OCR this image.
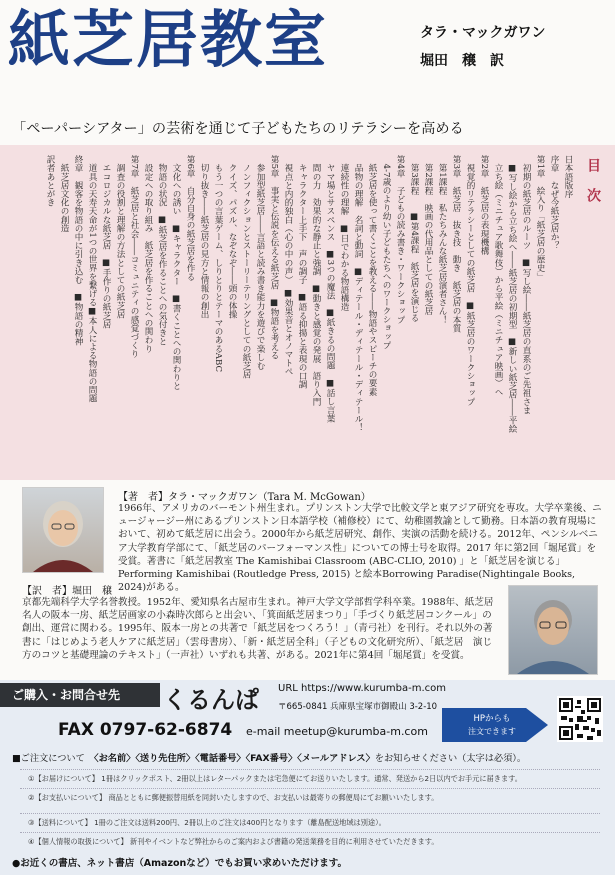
紙芝居教室	タラ・マックガワン
堀田　穣　訳
「ペーパーシアター」の芸術を通じて子どもたちのリテラシーを高める
目次
日本語版序
序章　なぜ今紙芝居か？
第1章　絵入り「紙芝居の歴史」
　初期の紙芝居のルーツ　■写し絵――紙芝居の直系のご先祖さま
　■写し絵から立ち絵へ――紙芝居の初期型　■新しい紙芝居――平絵
　立ち絵（ミニチュア歌舞伎）から平絵（ミニチュア映画）へ
第2章　紙芝居の表現機構
　視覚的リテラシーとしての紙芝居　■紙芝居のワークショップ
第3章　紙芝居　抜き技　動き　紙芝居の本質
　第1課程　私たちみんな紙芝居演者さん！
　第2課程　映画の代用品としての紙芝居
　第3課程　　■第4課程　紙芝居を演じる
第4章　子どもの読み書き・ワークショップ
　4-7歳のより幼い子どもたちへのワークショップ
　紙芝居を使って書くことを教える――物語やスピーチの要素
　品物の理解　名詞と動詞　■ディテール・ディテール・ディテール！
　連続性の理解　■日でわかる物語構造
　ヤマ場とサスペンス　■3つの魔法　■紙きるの問題　■話し言葉
　間の力　効果的な静止と強調　■動きと感覚の発展　語り入門
　キャラクター上手下　声の調子　■語る抑揚と表現の口調
　視点と内的独白（心の中の声）　■効果音とオノマトペ
第5章　事実と伝説を伝える紙芝居　■物語を考える
　参加型紙芝居――言語と読み書き能力を遊びで楽しむ
　ノンフィクションとストーリーテリングとしての紙芝居
　クイズ、パズル、なぞなぞ――頭の体操
　もう一つの言葉ゲーム、しりとりとテーマのあるABC
　切り抜き――紙芝居の見方と情報の創出
第6章　自分自身の紙芝居を作る
　文化への誘い　■キャラクター　■書くことへの関わりと
　物語の状況　■紙芝居を作ることへの気付きと
　設定への取り組み　紙芝居を作ることへの関わり
第7章　紙芝居と社会――コミュニティの感覚づくり
　調査の役割と理解の方法としての紙芝居
　エコロジカルな紙芝居　■手作りの紙芝居
　道具の天寿天命が1つの世界を繋げる■本人による物語の問題
終章　観客を物語の中に引き込む　■物語の精神
　紙芝居文化の創造
訳者あとがき
【著　者】タラ・マックガワン（Tara M. McGowan）
1966年、アメリカのバーモント州生まれ。プリンストン大学で比較文学と東アジア研究を専攻。大学卒業後、ニュージャージー州にあるプリンストン日本語学校（補修校）にて、幼稚園教諭として勤務。日本語の教育現場において、初めて紙芝居に出会う。2000年から紙芝居研究、創作、実演の活動を続ける。2012年、ペンシルベニア大学教育学部にて、「紙芝居のパーフォーマンス性」についての博士号を取得。2017 年に第2回「堀尾賞」を受賞。著書に「紙芝居教室 The Kamishibai Classroom (ABC-CLIO, 2010) 」と「紙芝居を演じる」Performing Kamishibai (Routledge Press, 2015) と絵本Borrowing Paradise(Nightingale Books, 2024)がある。
【訳　者】堀田　穣
京都先端科学大学名誉教授。1952年、愛知県名古屋市生まれ。神戸大学文学部哲学科卒業。1988年、紙芝居名人の阪本一房、紙芝居画家の小森時次郎らと出会い、「箕面紙芝居まつり」「手づくり紙芝居コンクール」の創出、運営に関わる。1995年、阪本一房との共著で「紙芝居をつくろう！」（青弓社）を刊行。それ以外の著書に「はじめよう老人ケアに紙芝居」（雲母書房）、「新・紙芝居全科」（子どもの文化研究所）、「紙芝居　演じ方のコツと基礎理論のテキスト」（一声社）いずれも共著、がある。2021年に第4回「堀尾賞」を受賞。
ご購入・お問合せ先	くるんぱ URL https://www.kurumba-m.com
〒665-0841 兵庫県宝塚市御殿山 3-2-10
FAX 0797-62-6874 e-mail meetup@kurumba-m.com
HPからも
注文できます
■ご注文について　〈お名前〉〈送り先住所〉〈電話番号〉〈FAX番号〉〈メールアドレス〉をお知らせください（太字は必須）。
①【お届けについて】 1冊はクリックポスト、2冊以上はレターパックまたは宅急便にてお送りいたします。通常、発送から2日以内でお手元に届きます。
②【お支払いについて】 商品とともに郵便振替用紙を同封いたしますので、お支払いは最寄りの郵便局にてお願いいたします。
③【送料について】 1冊のご注文は送料200円、2冊以上のご注文は400円となります（離島配送地域は別途）。
④【個人情報の取扱について】 新刊やイベントなど弊社からのご案内および書籍の発送業務を目的に利用させていただきます。
●お近くの書店、ネット書店（Amazonなど）でもお買い求めいただけます。
